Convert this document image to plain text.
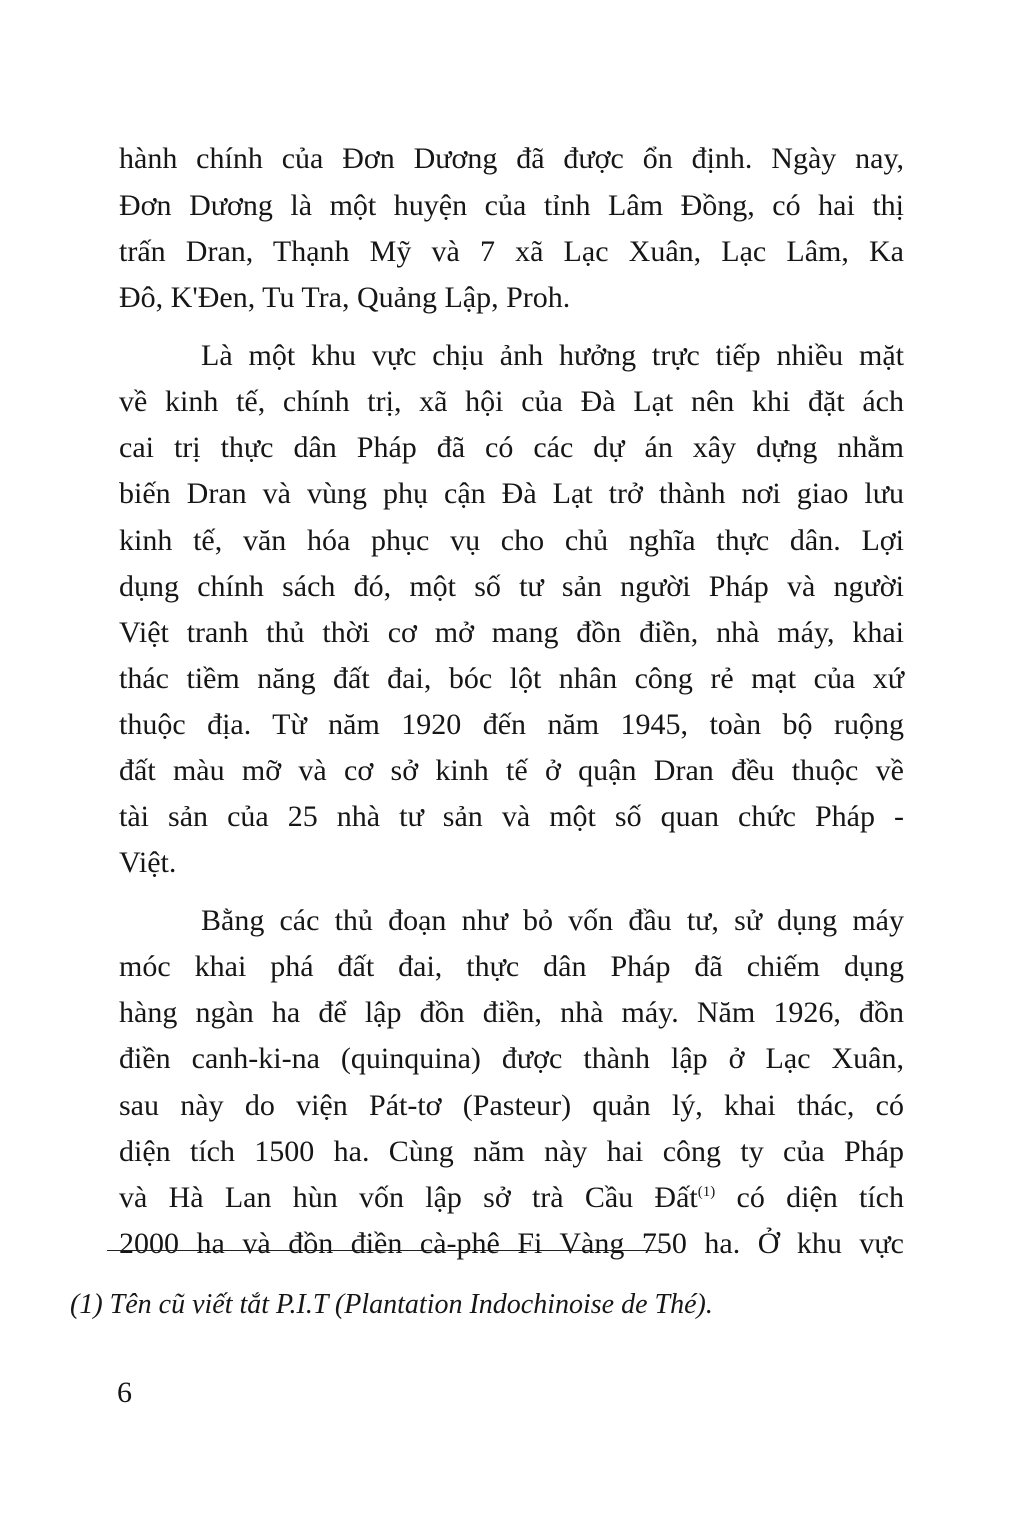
hành chính của Đơn Dương đã được ổn định. Ngày nay,
Đơn Dương là một huyện của tỉnh Lâm Đồng, có hai thị
trấn Dran, Thạnh Mỹ và 7 xã Lạc Xuân, Lạc Lâm, Ka
Đô, K'Đen, Tu Tra, Quảng Lập, Proh.
Là một khu vực chịu ảnh hưởng trực tiếp nhiều mặt
về kinh tế, chính trị, xã hội của Đà Lạt nên khi đặt ách
cai trị thực dân Pháp đã có các dự án xây dựng nhằm
biến Dran và vùng phụ cận Đà Lạt trở thành nơi giao lưu
kinh tế, văn hóa phục vụ cho chủ nghĩa thực dân. Lợi
dụng chính sách đó, một số tư sản người Pháp và người
Việt tranh thủ thời cơ mở mang đồn điền, nhà máy, khai
thác tiềm năng đất đai, bóc lột nhân công rẻ mạt của xứ
thuộc địa. Từ năm 1920 đến năm 1945, toàn bộ ruộng
đất màu mỡ và cơ sở kinh tế ở quận Dran đều thuộc về
tài sản của 25 nhà tư sản và một số quan chức Pháp -
Việt.
Bằng các thủ đoạn như bỏ vốn đầu tư, sử dụng máy
móc khai phá đất đai, thực dân Pháp đã chiếm dụng
hàng ngàn ha để lập đồn điền, nhà máy. Năm 1926, đồn
điền canh-ki-na (quinquina) được thành lập ở Lạc Xuân,
sau này do viện Pát-tơ (Pasteur) quản lý, khai thác, có
diện tích 1500 ha. Cùng năm này hai công ty của Pháp
và Hà Lan hùn vốn lập sở trà Cầu Đất$^{(1)}$ có diện tích
2000 ha và đồn điền cà-phê Fi Vàng 750 ha. Ở khu vực
(1) Tên cũ viết tắt P.I.T (Plantation Indochinoise de Thé).
6
